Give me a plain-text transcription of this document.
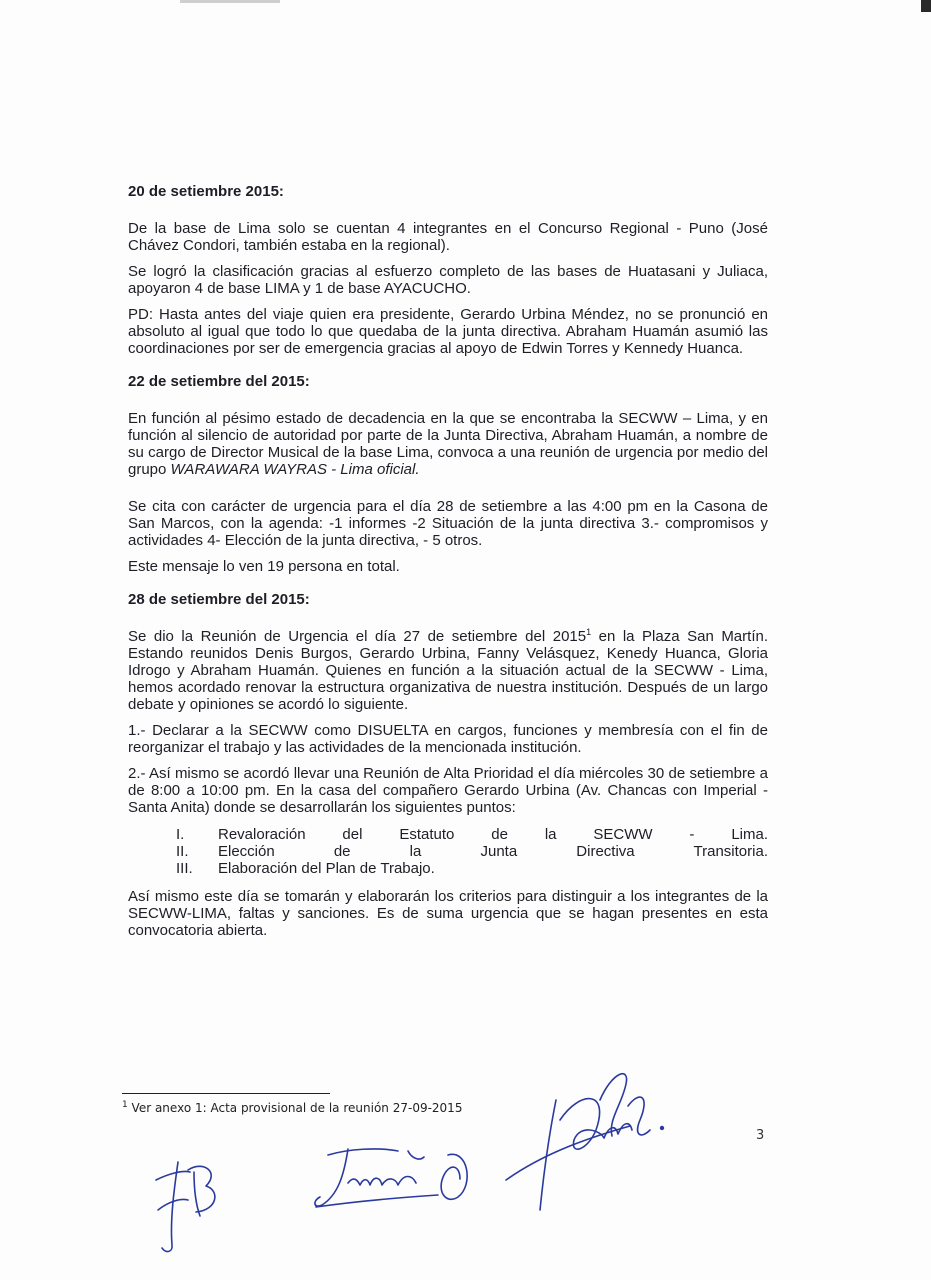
20 de setiembre 2015:
De la base de Lima solo se cuentan 4 integrantes en el Concurso Regional - Puno (José Chávez Condori, también estaba en la regional).
Se logró la clasificación gracias al esfuerzo completo de las bases de Huatasani y Juliaca, apoyaron 4 de base LIMA y 1 de base AYACUCHO.
PD: Hasta antes del viaje quien era presidente, Gerardo Urbina Méndez, no se pronunció en absoluto al igual que todo lo que quedaba de la junta directiva. Abraham Huamán asumió las coordinaciones por ser de emergencia gracias al apoyo de Edwin Torres y Kennedy Huanca.
22 de setiembre del 2015:
En función al pésimo estado de decadencia en la que se encontraba la SECWW – Lima, y en función al silencio de autoridad por parte de la Junta Directiva, Abraham Huamán, a nombre de su cargo de Director Musical de la base Lima, convoca a una reunión de urgencia por medio del grupo WARAWARA WAYRAS - Lima oficial.
Se cita con carácter de urgencia para el día 28 de setiembre a las 4:00 pm en la Casona de San Marcos, con la agenda: -1 informes -2 Situación de la junta directiva 3.- compromisos y actividades 4- Elección de la junta directiva, - 5 otros.
Este mensaje lo ven 19 persona en total.
28 de setiembre del 2015:
Se dio la Reunión de Urgencia el día 27 de setiembre del 2015$^1$ en la Plaza San Martín. Estando reunidos Denis Burgos, Gerardo Urbina, Fanny Velásquez, Kenedy Huanca, Gloria Idrogo y Abraham Huamán. Quienes en función a la situación actual de la SECWW - Lima, hemos acordado renovar la estructura organizativa de nuestra institución. Después de un largo debate y opiniones se acordó lo siguiente.
1.- Declarar a la SECWW como DISUELTA en cargos, funciones y membresía con el fin de reorganizar el trabajo y las actividades de la mencionada institución.
2.- Así mismo se acordó llevar una Reunión de Alta Prioridad el día miércoles 30 de setiembre a de 8:00 a 10:00 pm. En la casa del compañero Gerardo Urbina (Av. Chancas con Imperial - Santa Anita) donde se desarrollarán los siguientes puntos:
I.	Revaloración del Estatuto de la SECWW - Lima.
II.	Elección de la Junta Directiva Transitoria.
III.	Elaboración del Plan de Trabajo.
Así mismo este día se tomarán y elaborarán los criterios para distinguir a los integrantes de la SECWW-LIMA, faltas y sanciones. Es de suma urgencia que se hagan presentes en esta convocatoria abierta.
$^1$ Ver anexo 1: Acta provisional de la reunión 27-09-2015
3
